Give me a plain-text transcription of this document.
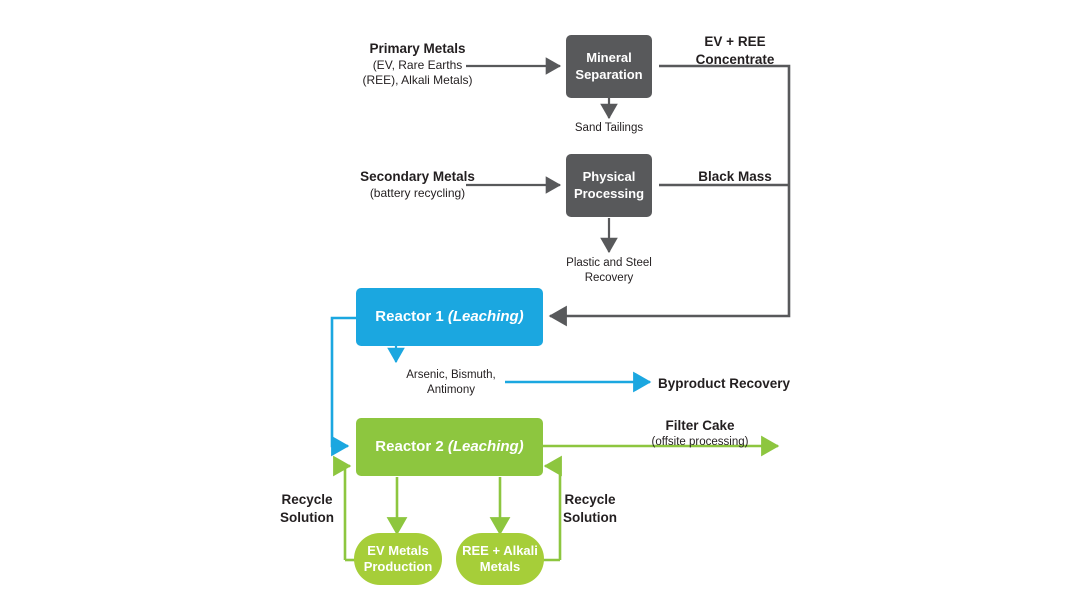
Mineral
Separation
Physical
Processing
Reactor 1 (Leaching)
Reactor 2 (Leaching)
EV Metals
Production
REE + Alkali
Metals
Primary Metals
(EV, Rare Earths
(REE), Alkali Metals)
Secondary Metals
(battery recycling)
Sand Tailings
Plastic and Steel
Recovery
EV + REE
Concentrate
Black Mass
Arsenic, Bismuth,
Antimony	Byproduct Recovery
Filter Cake
(offsite processing)
Recycle
Solution
Recycle
Solution
